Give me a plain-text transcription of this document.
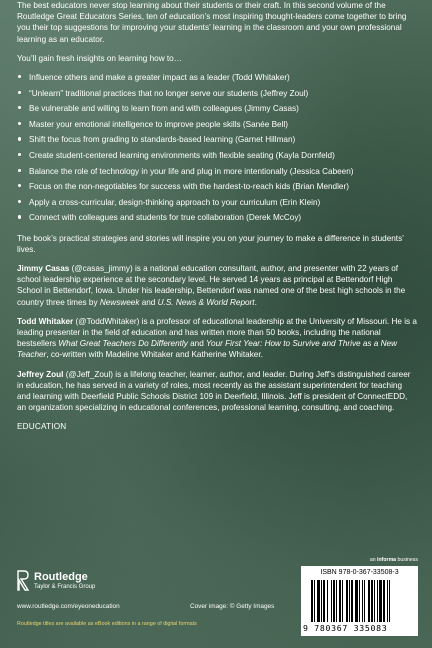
The best educators never stop learning about their students or their craft. In this second volume of the Routledge Great Educators Series, ten of education’s most inspiring thought-leaders come together to bring you their top suggestions for improving your students’ learning in the classroom and your own professional learning as an educator.

You’ll gain fresh insights on learning how to…

Influence others and make a greater impact as a leader (Todd Whitaker)
“Unlearn” traditional practices that no longer serve our students (Jeffrey Zoul)
Be vulnerable and willing to learn from and with colleagues (Jimmy Casas)
Master your emotional intelligence to improve people skills (Sanée Bell)
Shift the focus from grading to standards-based learning (Garnet Hillman)
Create student-centered learning environments with flexible seating (Kayla Dornfeld)
Balance the role of technology in your life and plug in more intentionally (Jessica Cabeen)
Focus on the non-negotiables for success with the hardest-to-reach kids (Brian Mendler)
Apply a cross-curricular, design-thinking approach to your curriculum (Erin Klein)
Connect with colleagues and students for true collaboration (Derek McCoy)

The book’s practical strategies and stories will inspire you on your journey to make a difference in students’ lives.

Jimmy Casas (@casas_jimmy) is a national education consultant, author, and presenter with 22 years of school leadership experience at the secondary level. He served 14 years as principal at Bettendorf High School in Bettendorf, Iowa. Under his leadership, Bettendorf was named one of the best high schools in the country three times by Newsweek and U.S. News & World Report.

Todd Whitaker (@ToddWhitaker) is a professor of educational leadership at the University of Missouri. He is a leading presenter in the field of education and has written more than 50 books, including the national bestsellers What Great Teachers Do Differently and Your First Year: How to Survive and Thrive as a New Teacher, co-written with Madeline Whitaker and Katherine Whitaker.

Jeffrey Zoul (@Jeff_Zoul) is a lifelong teacher, learner, author, and leader. During Jeff’s distinguished career in education, he has served in a variety of roles, most recently as the assistant superintendent for teaching and learning with Deerfield Public Schools District 109 in Deerfield, Illinois. Jeff is president of ConnectEDD, an organization specializing in educational conferences, professional learning, consulting, and coaching.

EDUCATION
Routledge
Taylor & Francis Group
www.routledge.com/eyeoneducation	Cover image: © Getty Images
Routledge titles are available as eBook editions in a range of digital formats
an informa business
ISBN 978-0-367-33508-3
9 780367 335083
